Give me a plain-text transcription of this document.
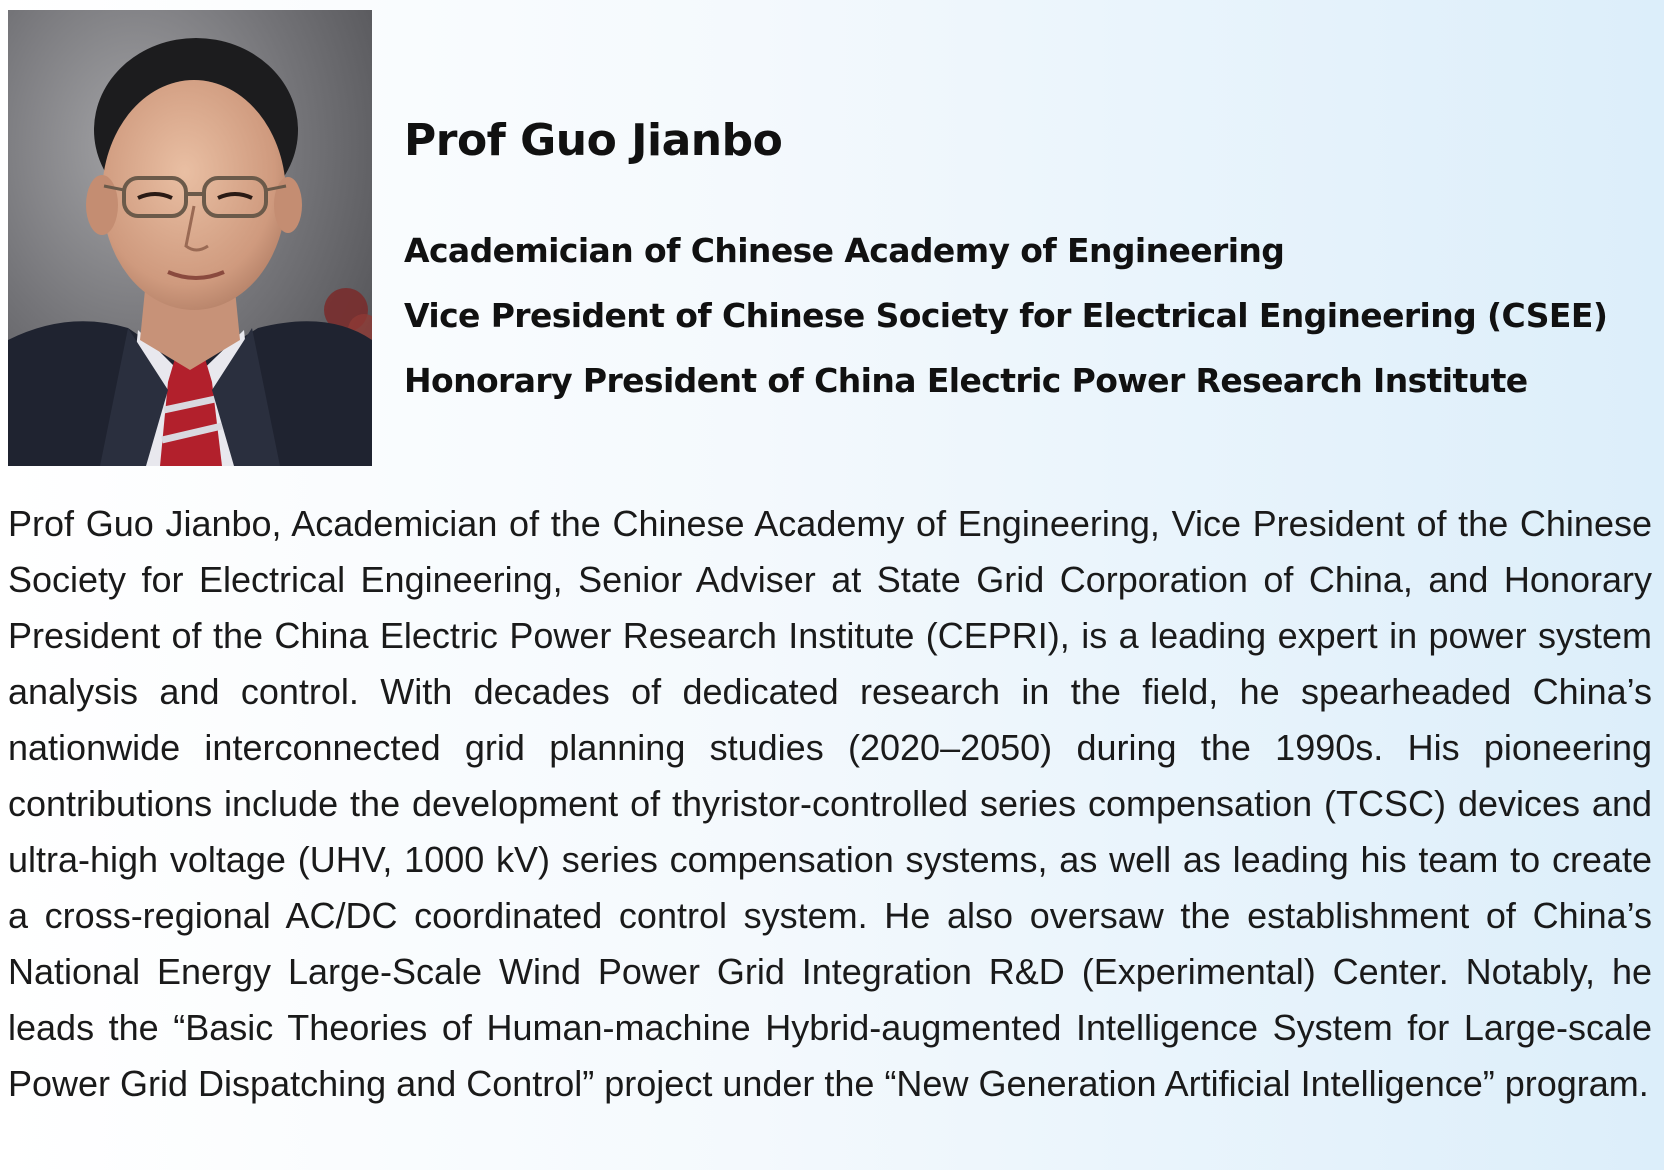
Prof Guo Jianbo
Academician of Chinese Academy of Engineering
Vice President of Chinese Society for Electrical Engineering (CSEE)
Honorary President of China Electric Power Research Institute

Prof Guo Jianbo, Academician of the Chinese Academy of Engineering, Vice President of the Chinese Society for Electrical Engineering, Senior Adviser at State Grid Corporation of China, and Honorary President of the China Electric Power Research Institute (CEPRI), is a leading expert in power system analysis and control. With decades of dedicated research in the field, he spearheaded China’s nationwide interconnected grid planning studies (2020–2050) during the 1990s. His pioneering contributions include the development of thyristor-controlled series compensation (TCSC) devices and ultra-high voltage (UHV, 1000 kV) series compensation systems, as well as leading his team to create a cross-regional AC/DC coordinated control system. He also oversaw the establishment of China’s National Energy Large-Scale Wind Power Grid Integration R&D (Experimental) Center. Notably, he leads the “Basic Theories of Human-machine Hybrid-augmented Intelligence System for Large-scale Power Grid Dispatching and Control” project under the “New Generation Artificial Intelligence” program.
